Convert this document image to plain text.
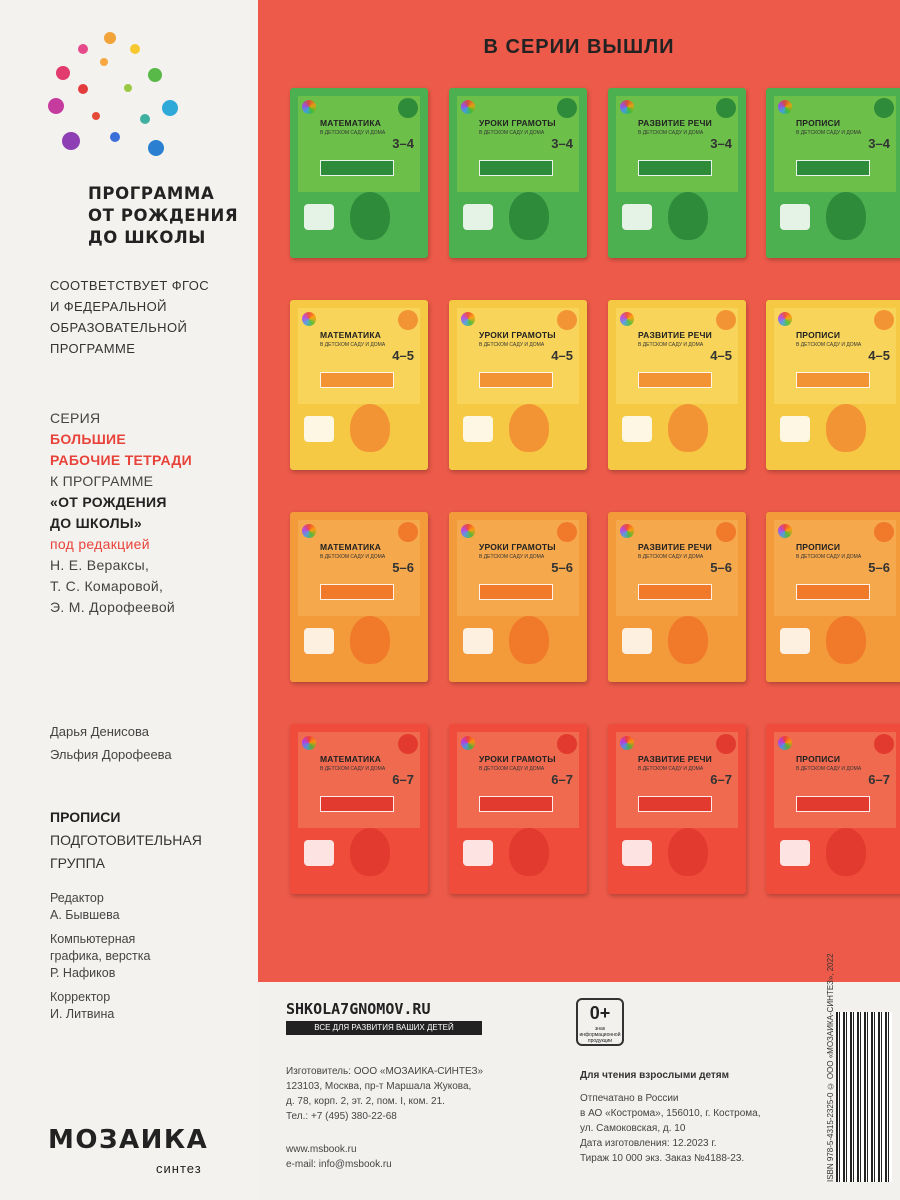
ПРОГРАММА
ОТ РОЖДЕНИЯ
ДО ШКОЛЫ
СООТВЕТСТВУЕТ ФГОС
И ФЕДЕРАЛЬНОЙ
ОБРАЗОВАТЕЛЬНОЙ
ПРОГРАММЕ
СЕРИЯ
БОЛЬШИЕ
РАБОЧИЕ ТЕТРАДИ
К ПРОГРАММЕ
«ОТ РОЖДЕНИЯ
ДО ШКОЛЫ»
под редакцией
Н. Е. Вераксы,
Т. С. Комаровой,
Э. М. Дорофеевой
Дарья Денисова
Эльфия Дорофеева
ПРОПИСИ
ПОДГОТОВИТЕЛЬНАЯ
ГРУППА

Редактор
А. Бывшева

Компьютерная
графика, верстка
Р. Нафиков

Корректор
И. Литвина

МОЗАИКА
синтез
В СЕРИИ ВЫШЛИ
МАТЕМАТИКА
В ДЕТСКОМ САДУ И ДОМА
3–4
УРОКИ ГРАМОТЫ
В ДЕТСКОМ САДУ И ДОМА
3–4
РАЗВИТИЕ РЕЧИ
В ДЕТСКОМ САДУ И ДОМА
3–4
ПРОПИСИ
В ДЕТСКОМ САДУ И ДОМА
3–4
МАТЕМАТИКА
В ДЕТСКОМ САДУ И ДОМА
4–5
УРОКИ ГРАМОТЫ
В ДЕТСКОМ САДУ И ДОМА
4–5
РАЗВИТИЕ РЕЧИ
В ДЕТСКОМ САДУ И ДОМА
4–5
ПРОПИСИ
В ДЕТСКОМ САДУ И ДОМА
4–5
МАТЕМАТИКА
В ДЕТСКОМ САДУ И ДОМА
5–6
УРОКИ ГРАМОТЫ
В ДЕТСКОМ САДУ И ДОМА
5–6
РАЗВИТИЕ РЕЧИ
В ДЕТСКОМ САДУ И ДОМА
5–6
ПРОПИСИ
В ДЕТСКОМ САДУ И ДОМА
5–6
МАТЕМАТИКА
В ДЕТСКОМ САДУ И ДОМА
6–7
УРОКИ ГРАМОТЫ
В ДЕТСКОМ САДУ И ДОМА
6–7
РАЗВИТИЕ РЕЧИ
В ДЕТСКОМ САДУ И ДОМА
6–7
ПРОПИСИ
В ДЕТСКОМ САДУ И ДОМА
6–7
SHKOLA7GNOMOV.RU
ВСЕ ДЛЯ РАЗВИТИЯ ВАШИХ ДЕТЕЙ
0+
знак информационной продукции
Изготовитель: ООО «МОЗАИКА-СИНТЕЗ»
123103, Москва, пр-т Маршала Жукова,
д. 78, корп. 2, эт. 2, пом. I, ком. 21.
Тел.: +7 (495) 380-22-68
www.msbook.ru
e-mail: info@msbook.ru
Для чтения взрослыми детям
Отпечатано в России
в АО «Кострома», 156010, г. Кострома,
ул. Самоковская, д. 10
Дата изготовления: 12.2023 г.
Тираж 10 000 экз. Заказ №4188-23.	ISBN 978-5-4315-2325-0 © ООО «МОЗАИКА-СИНТЕЗ», 2022
